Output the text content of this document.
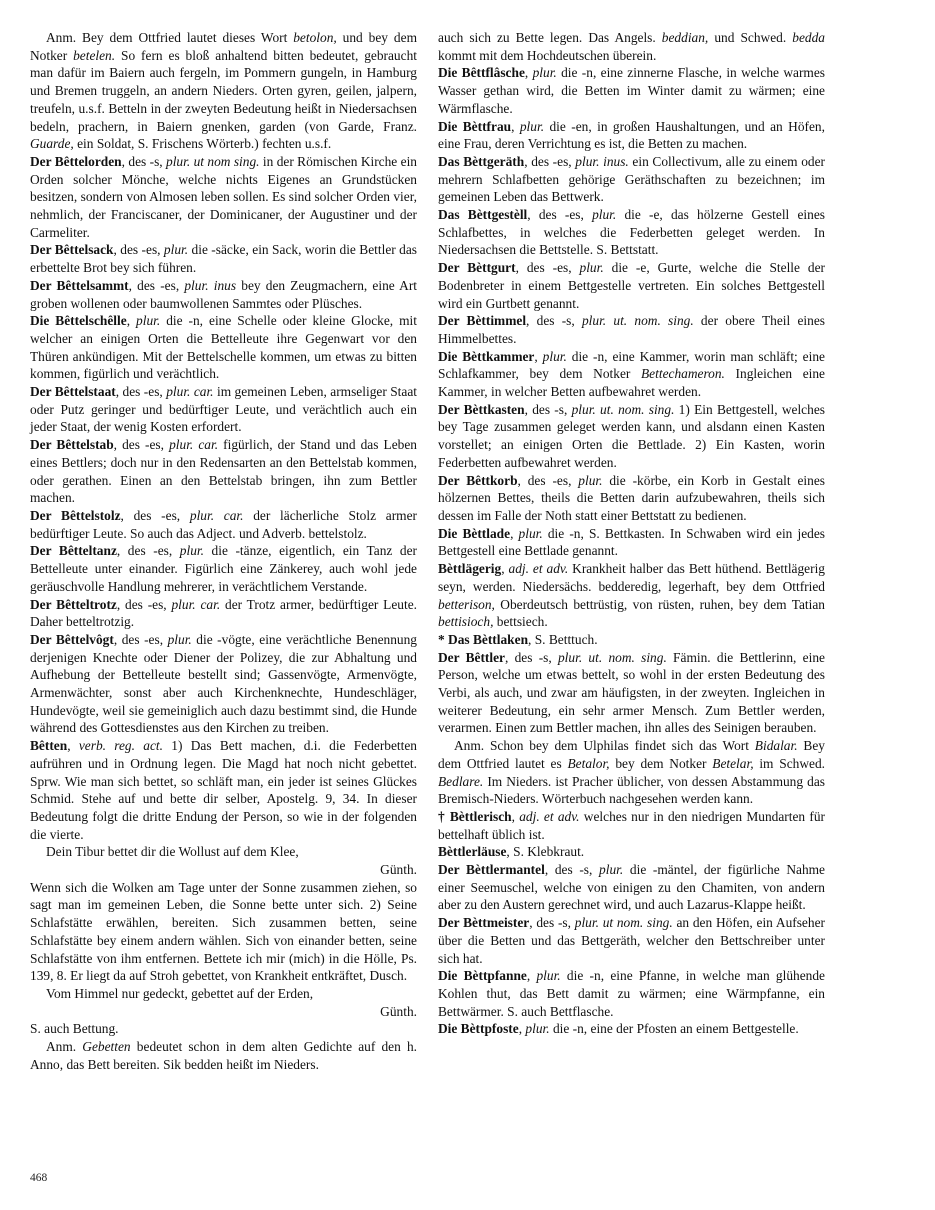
Anm. Bey dem Ottfried lautet dieses Wort betolon, und bey dem Notker betelen. So fern es bloß anhaltend bitten bedeutet, gebraucht man dafür im Baiern auch fergeln, im Pommern gungeln, in Hamburg und Bremen truggeln, an andern Nieders. Orten gyren, geilen, jalpern, treufeln, u.s.f. Betteln in der zweyten Bedeutung heißt in Niedersachsen bedeln, prachern, in Baiern gnenken, garden (von Garde, Franz. Guarde, ein Soldat, S. Frischens Wörterb.) fechten u.s.f.

Der Bêttelorden, des -s, plur. ut nom sing. in der Römischen Kirche ein Orden solcher Mönche, welche nichts Eigenes an Grundstücken besitzen, sondern von Almosen leben sollen. Es sind solcher Orden vier, nehmlich, der Franciscaner, der Dominicaner, der Augustiner und der Carmeliter.

Der Bêttelsack, des -es, plur. die -säcke, ein Sack, worin die Bettler das erbettelte Brot bey sich führen.

Der Bêttelsammt, des -es, plur. inus bey den Zeugmachern, eine Art groben wollenen oder baumwollenen Sammtes oder Plüsches.

Die Bêttelschêlle, plur. die -n, eine Schelle oder kleine Glocke, mit welcher an einigen Orten die Bettelleute ihre Gegenwart vor den Thüren ankündigen. Mit der Bettelschelle kommen, um etwas zu bitten kommen, figürlich und verächtlich.

Der Bêttelstaat, des -es, plur. car. im gemeinen Leben, armseliger Staat oder Putz geringer und bedürftiger Leute, und verächtlich auch ein jeder Staat, der wenig Kosten erfordert.

Der Bêttelstab, des -es, plur. car. figürlich, der Stand und das Leben eines Bettlers; doch nur in den Redensarten an den Bettelstab kommen, oder gerathen. Einen an den Bettelstab bringen, ihn zum Bettler machen.

Der Bêttelstolz, des -es, plur. car. der lächerliche Stolz armer bedürftiger Leute. So auch das Adject. und Adverb. bettelstolz.

Der Bêtteltanz, des -es, plur. die -tänze, eigentlich, ein Tanz der Bettelleute unter einander. Figürlich eine Zänkerey, auch wohl jede geräuschvolle Handlung mehrerer, in verächtlichem Verstande.

Der Bêtteltrotz, des -es, plur. car. der Trotz armer, bedürftiger Leute. Daher betteltrotzig.

Der Bêttelvôgt, des -es, plur. die -vögte, eine verächtliche Benennung derjenigen Knechte oder Diener der Polizey, die zur Abhaltung und Aufhebung der Bettelleute bestellt sind; Gassenvögte, Armenvögte, Armenwächter, sonst aber auch Kirchenknechte, Hundeschläger, Hundevögte, weil sie gemeiniglich auch dazu bestimmt sind, die Hunde während des Gottesdienstes aus den Kirchen zu treiben.

Bêtten, verb. reg. act. 1) Das Bett machen, d.i. die Federbetten aufrühren und in Ordnung legen. Die Magd hat noch nicht gebettet. Sprw. Wie man sich bettet, so schläft man, ein jeder ist seines Glückes Schmid. Stehe auf und bette dir selber, Apostelg. 9, 34. In dieser Bedeutung folgt die dritte Endung der Person, so wie in der folgenden die vierte.

Dein Tibur bettet dir die Wollust auf dem Klee,

Günth.

Wenn sich die Wolken am Tage unter der Sonne zusammen ziehen, so sagt man im gemeinen Leben, die Sonne bette unter sich. 2) Seine Schlafstätte erwählen, bereiten. Sich zusammen betten, seine Schlafstätte bey einem andern wählen. Sich von einander betten, seine Schlafstätte von ihm entfernen. Bettete ich mir (mich) in die Hölle, Ps. 139, 8. Er liegt da auf Stroh gebettet, von Krankheit entkräftet, Dusch.

Vom Himmel nur gedeckt, gebettet auf der Erden,

Günth.

S. auch Bettung.

Anm. Gebetten bedeutet schon in dem alten Gedichte auf den h. Anno, das Bett bereiten. Sik bedden heißt im Nieders.

auch sich zu Bette legen. Das Angels. beddian, und Schwed. bedda kommt mit dem Hochdeutschen überein.

Die Bêttflâsche, plur. die -n, eine zinnerne Flasche, in welche warmes Wasser gethan wird, die Betten im Winter damit zu wärmen; eine Wärmflasche.

Die Bèttfrau, plur. die -en, in großen Haushaltungen, und an Höfen, eine Frau, deren Verrichtung es ist, die Betten zu machen.

Das Bèttgeräth, des -es, plur. inus. ein Collectivum, alle zu einem oder mehrern Schlafbetten gehörige Geräthschaften zu bezeichnen; im gemeinen Leben das Bettwerk.

Das Bèttgestèll, des -es, plur. die -e, das hölzerne Gestell eines Schlafbettes, in welches die Federbetten geleget werden. In Niedersachsen die Bettstelle. S. Bettstatt.

Der Bèttgurt, des -es, plur. die -e, Gurte, welche die Stelle der Bodenbreter in einem Bettgestelle vertreten. Ein solches Bettgestell wird ein Gurtbett genannt.

Der Bèttimmel, des -s, plur. ut. nom. sing. der obere Theil eines Himmelbettes.

Die Bèttkammer, plur. die -n, eine Kammer, worin man schläft; eine Schlafkammer, bey dem Notker Bettechameron. Ingleichen eine Kammer, in welcher Betten aufbewahret werden.

Der Bèttkasten, des -s, plur. ut. nom. sing. 1) Ein Bettgestell, welches bey Tage zusammen geleget werden kann, und alsdann einen Kasten vorstellet; an einigen Orten die Bettlade. 2) Ein Kasten, worin Federbetten aufbewahret werden.

Der Bêttkorb, des -es, plur. die -körbe, ein Korb in Gestalt eines hölzernen Bettes, theils die Betten darin aufzubewahren, theils sich dessen im Falle der Noth statt einer Bettstatt zu bedienen.

Die Bèttlade, plur. die -n, S. Bettkasten. In Schwaben wird ein jedes Bettgestell eine Bettlade genannt.

Bèttlägerig, adj. et adv. Krankheit halber das Bett hüthend. Bettlägerig seyn, werden. Niedersächs. bedderedig, legerhaft, bey dem Ottfried betterison, Oberdeutsch bettrüstig, von rüsten, ruhen, bey dem Tatian bettisioch, bettsiech.

* Das Bèttlaken, S. Betttuch.

Der Bêttler, des -s, plur. ut. nom. sing. Fämin. die Bettlerinn, eine Person, welche um etwas bettelt, so wohl in der ersten Bedeutung des Verbi, als auch, und zwar am häufigsten, in der zweyten. Ingleichen in weiterer Bedeutung, ein sehr armer Mensch. Zum Bettler werden, verarmen. Einen zum Bettler machen, ihn alles des Seinigen berauben.

Anm. Schon bey dem Ulphilas findet sich das Wort Bidalar. Bey dem Ottfried lautet es Betalor, bey dem Notker Betelar, im Schwed. Bedlare. Im Nieders. ist Pracher üblicher, von dessen Abstammung das Bremisch-Nieders. Wörterbuch nachgesehen werden kann.

† Bèttlerisch, adj. et adv. welches nur in den niedrigen Mundarten für bettelhaft üblich ist.

Bèttlerläuse, S. Klebkraut.

Der Bèttlermantel, des -s, plur. die -mäntel, der figürliche Nahme einer Seemuschel, welche von einigen zu den Chamiten, von andern aber zu den Austern gerechnet wird, und auch Lazarus-Klappe heißt.

Der Bèttmeister, des -s, plur. ut nom. sing. an den Höfen, ein Aufseher über die Betten und das Bettgeräth, welcher den Bettschreiber unter sich hat.

Die Bèttpfanne, plur. die -n, eine Pfanne, in welche man glühende Kohlen thut, das Bett damit zu wärmen; eine Wärmpfanne, ein Bettwärmer. S. auch Bettflasche.

Die Bèttpfoste, plur. die -n, eine der Pfosten an einem Bettgestelle.

468
